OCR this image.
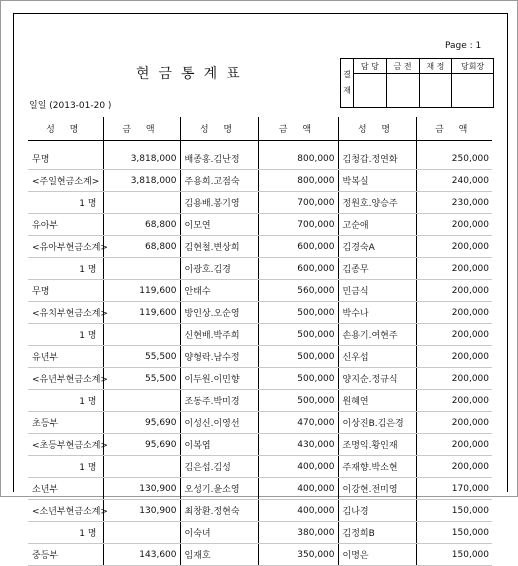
Page : 1
현금통계표	결
재	담 당	금 전	재 정	당회장

일일 (2013-01-20 )
성 명	금 액	성 명	금 액	성 명	금 액

무명	3,818,000	배종홍.김난정	800,000	김청갑.정연화	250,000
<주일현금소계>	3,818,000	주용희.고점숙	800,000	박복실	240,000
1 명		김용배.봉기영	700,000	정원호.양승주	230,000
유아부	68,800	이모연	700,000	고순애	200,000
<유아부현금소계>	68,800	김현철.변상희	600,000	김경숙A	200,000
1 명		이광호.김경	600,000	김종무	200,000
무명	119,600	안태수	560,000	민금식	200,000
<유치부현금소계>	119,600	방인상.오순영	500,000	박수나	200,000
1 명		신현배.박주희	500,000	손용기.여현주	200,000
유년부	55,500	양형락.남수정	500,000	신우섭	200,000
<유년부현금소계>	55,500	이두원.이민향	500,000	양지순.정규식	200,000
1 명		조동주.박미경	500,000	원혜연	200,000
초등부	95,690	이성신.이영선	470,000	이상진B.김은경	200,000
<초등부현금소계>	95,690	이복엽	430,000	조명익.황인재	200,000
1 명		김은섭.김성	400,000	주재향.박소현	200,000
소년부	130,900	오성기.윤소영	400,000	이강현.전미영	170,000
<소년부현금소계>	130,900	최창환.정현숙	400,000	김나경	150,000
1 명		이숙녀	380,000	김정희B	150,000
중등부	143,600	임재호	350,000	이명은	150,000
